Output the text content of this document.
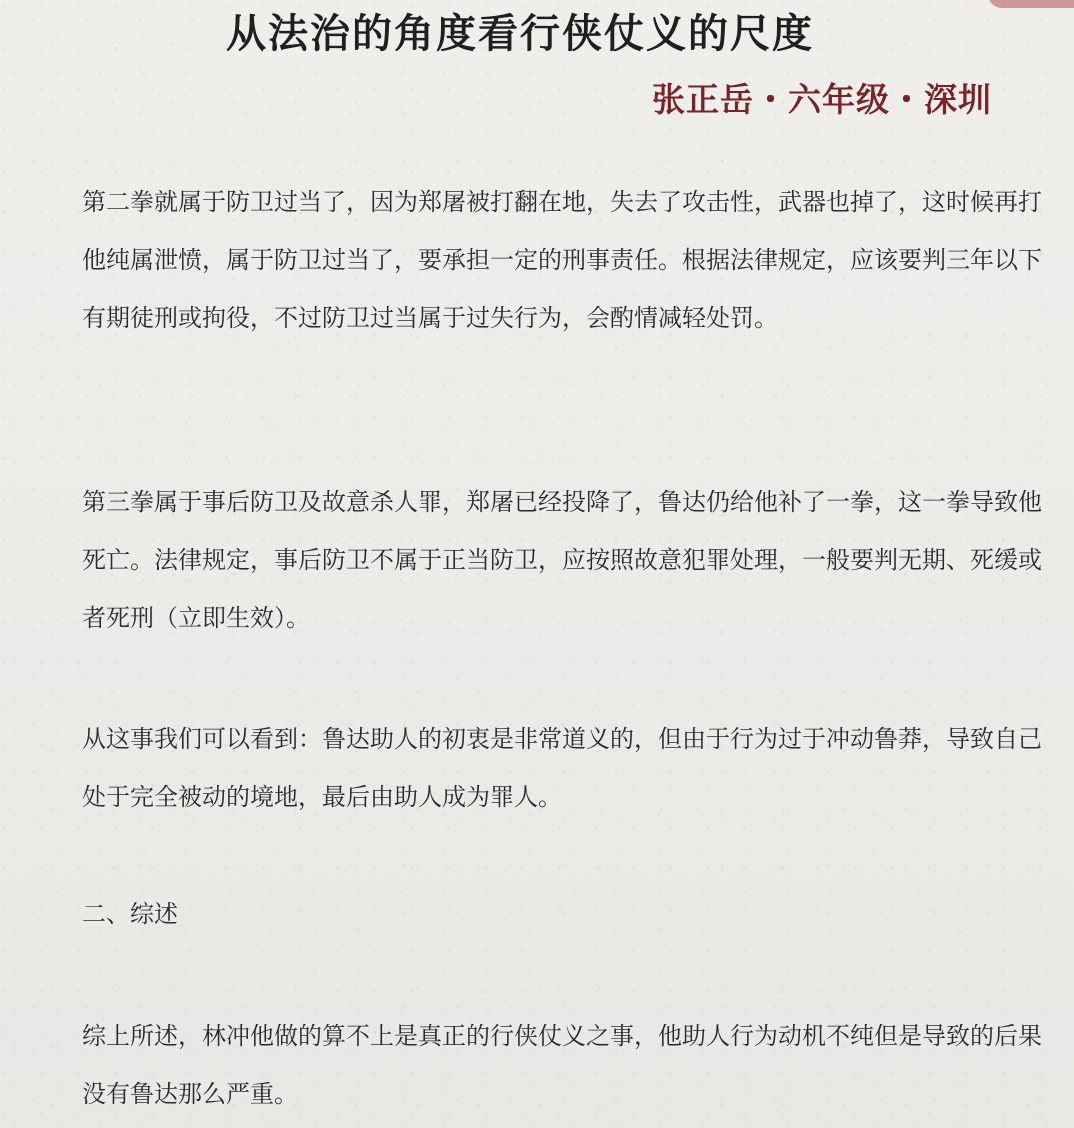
从法治的角度看行侠仗义的尺度
张正岳・六年级・深圳

第二拳就属于防卫过当了，因为郑屠被打翻在地，失去了攻击性，武器也掉了，这时候再打他纯属泄愤，属于防卫过当了，要承担一定的刑事责任。根据法律规定，应该要判三年以下有期徒刑或拘役，不过防卫过当属于过失行为，会酌情减轻处罚。

第三拳属于事后防卫及故意杀人罪，郑屠已经投降了，鲁达仍给他补了一拳，这一拳导致他死亡。法律规定，事后防卫不属于正当防卫，应按照故意犯罪处理，一般要判无期、死缓或者死刑（立即生效）。

从这事我们可以看到：鲁达助人的初衷是非常道义的，但由于行为过于冲动鲁莽，导致自己处于完全被动的境地，最后由助人成为罪人。

二、综述

综上所述，林冲他做的算不上是真正的行侠仗义之事，他助人行为动机不纯但是导致的后果没有鲁达那么严重。
